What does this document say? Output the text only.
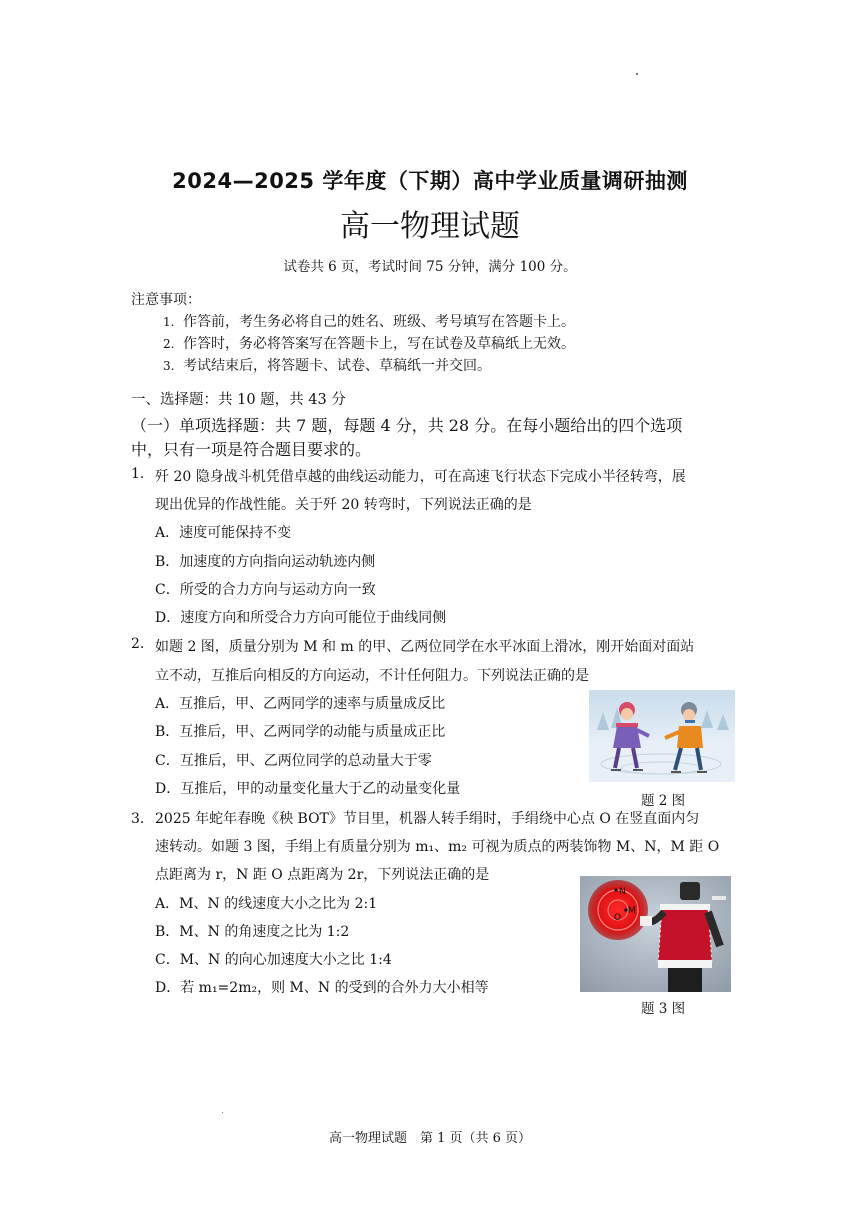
2024—2025 学年度（下期）高中学业质量调研抽测
高一物理试题
试卷共 6 页，考试时间 75 分钟，满分 100 分。
注意事项：
1. 作答前，考生务必将自己的姓名、班级、考号填写在答题卡上。
2. 作答时，务必将答案写在答题卡上，写在试卷及草稿纸上无效。
3. 考试结束后，将答题卡、试卷、草稿纸一并交回。
一、选择题：共 10 题，共 43 分
（一）单项选择题：共 7 题，每题 4 分，共 28 分。在每小题给出的四个选项
中，只有一项是符合题目要求的。
1. 歼 20 隐身战斗机凭借卓越的曲线运动能力，可在高速飞行状态下完成小半径转弯，展
现出优异的作战性能。关于歼 20 转弯时，下列说法正确的是
A．速度可能保持不变
B．加速度的方向指向运动轨迹内侧
C．所受的合力方向与运动方向一致
D．速度方向和所受合力方向可能位于曲线同侧
2. 如题 2 图，质量分别为 M 和 m 的甲、乙两位同学在水平冰面上滑冰，刚开始面对面站
立不动，互推后向相反的方向运动，不计任何阻力。下列说法正确的是
A．互推后，甲、乙两同学的速率与质量成反比
B．互推后，甲、乙两同学的动能与质量成正比
C．互推后，甲、乙两位同学的总动量大于零
D．互推后，甲的动量变化量大于乙的动量变化量
题 2 图
3． 2025 年蛇年春晚《秧 BOT》节目里，机器人转手绢时，手绢绕中心点 O 在竖直面内匀
速转动。如题 3 图，手绢上有质量分别为 m₁、m₂ 可视为质点的两装饰物 M、N，M 距 O
点距离为 r，N 距 O 点距离为 2r，下列说法正确的是
A．M、N 的线速度大小之比为 2:1
B．M、N 的角速度之比为 1:2
C．M、N 的向心加速度大小之比 1:4
D．若 m₁=2m₂，则 M、N 的受到的合外力大小相等
N
O
M
题 3 图
高一物理试题　第 1 页（共 6 页）
